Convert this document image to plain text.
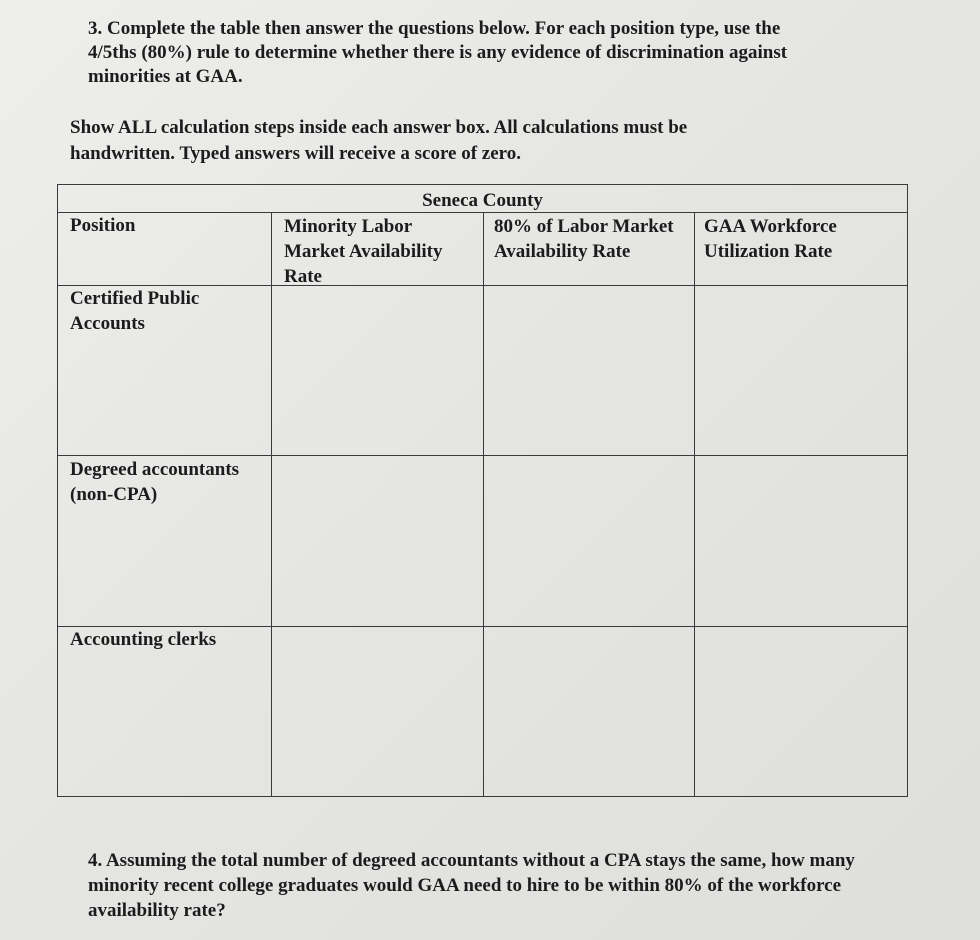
3. Complete the table then answer the questions below. For each position type, use the 4/5ths (80%) rule to determine whether there is any evidence of discrimination against minorities at GAA.

Show ALL calculation steps inside each answer box. All calculations must be handwritten. Typed answers will receive a score of zero.

Seneca County

Position	Minority Labor Market Availability Rate

80% of Labor Market Availability Rate

GAA Workforce Utilization Rate

Certified Public Accounts

Degreed accountants (non-CPA)

Accounting clerks

4. Assuming the total number of degreed accountants without a CPA stays the same, how many minority recent college graduates would GAA need to hire to be within 80% of the workforce availability rate?
